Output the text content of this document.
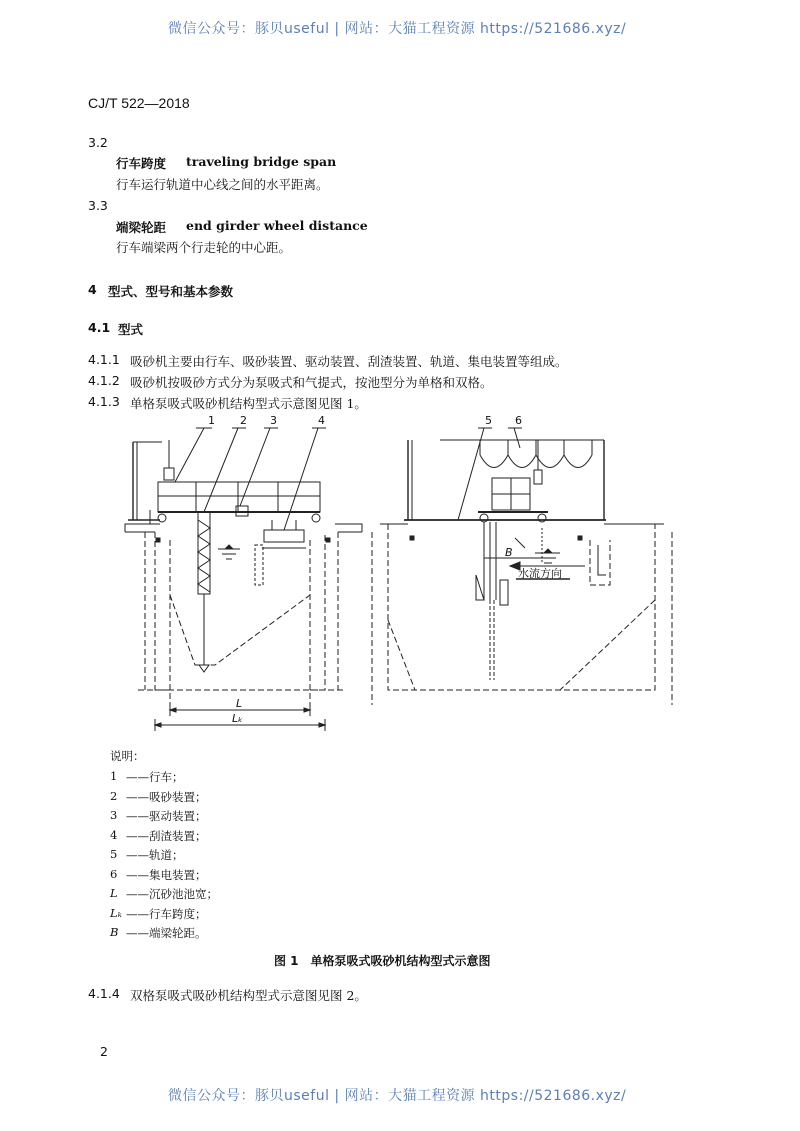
微信公众号：豚贝useful | 网站：大猫工程资源 https://521686.xyz/
CJ/T 522—2018
3.2
行车跨度 traveling bridge span
行车运行轨道中心线之间的水平距离。
3.3
端梁轮距 end girder wheel distance
行车端梁两个行走轮的中心距。
4 型式、型号和基本参数
4.1 型式
4.1.1 吸砂机主要由行车、吸砂装置、驱动装置、刮渣装置、轨道、集电装置等组成。
4.1.2 吸砂机按吸砂方式分为泵吸式和气提式，按池型分为单格和双格。
4.1.3 单格泵吸式吸砂机结构型式示意图见图 1。
1 2 3	4	5 6
L
Lₖ
B
水流方向
说明：
1 ——行车；
2 ——吸砂装置；
3 ——驱动装置；
4 ——刮渣装置；
5 ——轨道；
6 ——集电装置；
L ——沉砂池池宽；
Lₖ ——行车跨度；
B ——端梁轮距。
图 1　单格泵吸式吸砂机结构型式示意图
4.1.4 双格泵吸式吸砂机结构型式示意图见图 2。
2
微信公众号：豚贝useful | 网站：大猫工程资源 https://521686.xyz/
